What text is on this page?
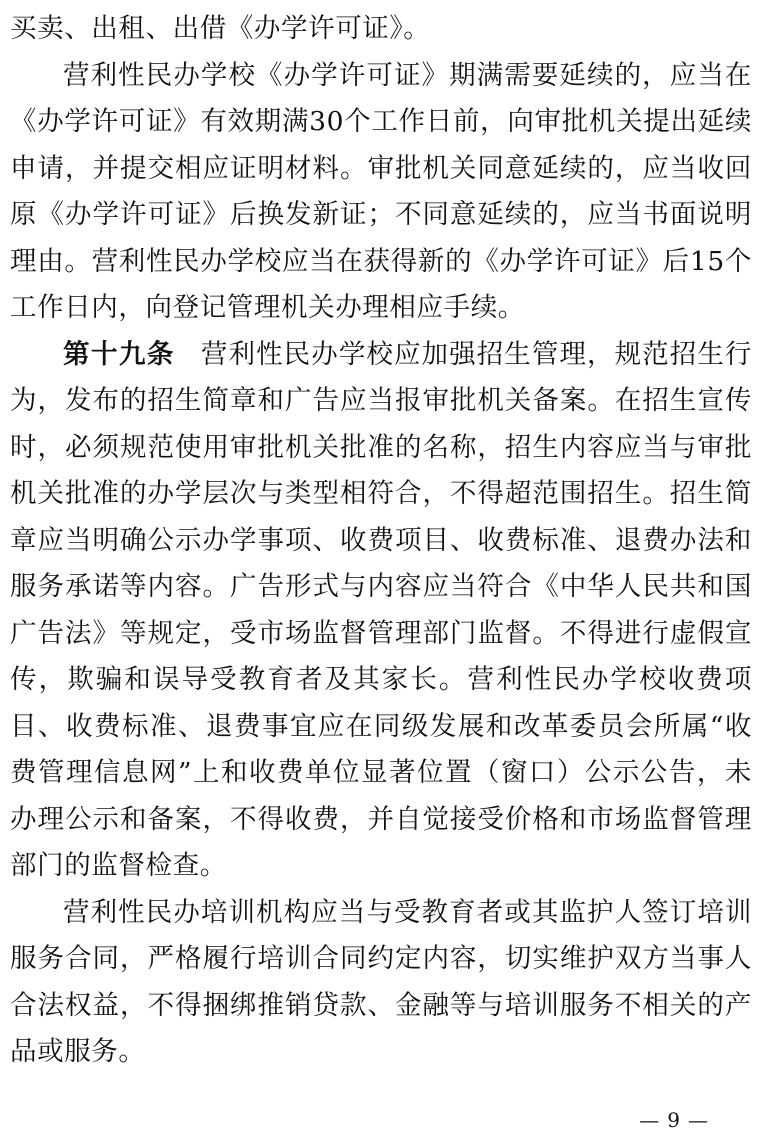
买卖、出租、出借《办学许可证》。

营利性民办学校《办学许可证》期满需要延续的，应当在《办学许可证》有效期满30个工作日前，向审批机关提出延续申请，并提交相应证明材料。审批机关同意延续的，应当收回原《办学许可证》后换发新证；不同意延续的，应当书面说明理由。营利性民办学校应当在获得新的《办学许可证》后15个工作日内，向登记管理机关办理相应手续。

第十九条 营利性民办学校应加强招生管理，规范招生行为，发布的招生简章和广告应当报审批机关备案。在招生宣传时，必须规范使用审批机关批准的名称，招生内容应当与审批机关批准的办学层次与类型相符合，不得超范围招生。招生简章应当明确公示办学事项、收费项目、收费标准、退费办法和服务承诺等内容。广告形式与内容应当符合《中华人民共和国广告法》等规定，受市场监督管理部门监督。不得进行虚假宣传，欺骗和误导受教育者及其家长。营利性民办学校收费项目、收费标准、退费事宜应在同级发展和改革委员会所属“收费管理信息网”上和收费单位显著位置（窗口）公示公告，未办理公示和备案，不得收费，并自觉接受价格和市场监督管理部门的监督检查。

营利性民办培训机构应当与受教育者或其监护人签订培训服务合同，严格履行培训合同约定内容，切实维护双方当事人合法权益，不得捆绑推销贷款、金融等与培训服务不相关的产品或服务。

— 9 —
